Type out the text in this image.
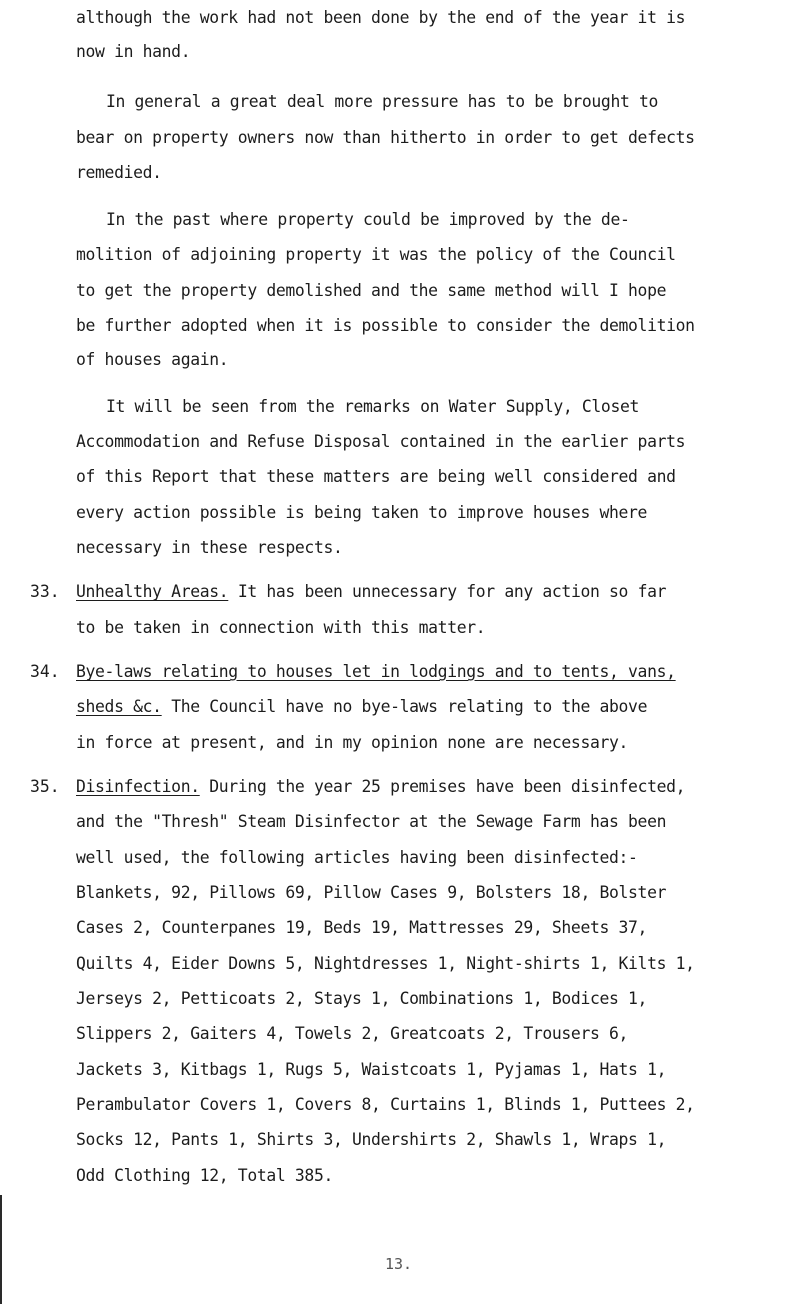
although the work had not been done by the end of the year it is
now in hand.
In general a great deal more pressure has to be brought to
bear on property owners now than hitherto in order to get defects
remedied.
In the past where property could be improved by the de-
molition of adjoining property it was the policy of the Council
to get the property demolished and the same method will I hope
be further adopted when it is possible to consider the demolition
of houses again.
It will be seen from the remarks on Water Supply, Closet
Accommodation and Refuse Disposal contained in the earlier parts
of this Report that these matters are being well considered and
every action possible is being taken to improve houses where
necessary in these respects.
33. Unhealthy Areas. It has been unnecessary for any action so far
to be taken in connection with this matter.
34. Bye-laws relating to houses let in lodgings and to tents, vans,
sheds &c. The Council have no bye-laws relating to the above
in force at present, and in my opinion none are necessary.
35. Disinfection. During the year 25 premises have been disinfected,
and the "Thresh" Steam Disinfector at the Sewage Farm has been
well used, the following articles having been disinfected:-
Blankets, 92, Pillows 69, Pillow Cases 9, Bolsters 18, Bolster
Cases 2, Counterpanes 19, Beds 19, Mattresses 29, Sheets 37,
Quilts 4, Eider Downs 5, Nightdresses 1, Night-shirts 1, Kilts 1,
Jerseys 2, Petticoats 2, Stays 1, Combinations 1, Bodices 1,
Slippers 2, Gaiters 4, Towels 2, Greatcoats 2, Trousers 6,
Jackets 3, Kitbags 1, Rugs 5, Waistcoats 1, Pyjamas 1, Hats 1,
Perambulator Covers 1, Covers 8, Curtains 1, Blinds 1, Puttees 2,
Socks 12, Pants 1, Shirts 3, Undershirts 2, Shawls 1, Wraps 1,
Odd Clothing 12, Total 385.
13.
